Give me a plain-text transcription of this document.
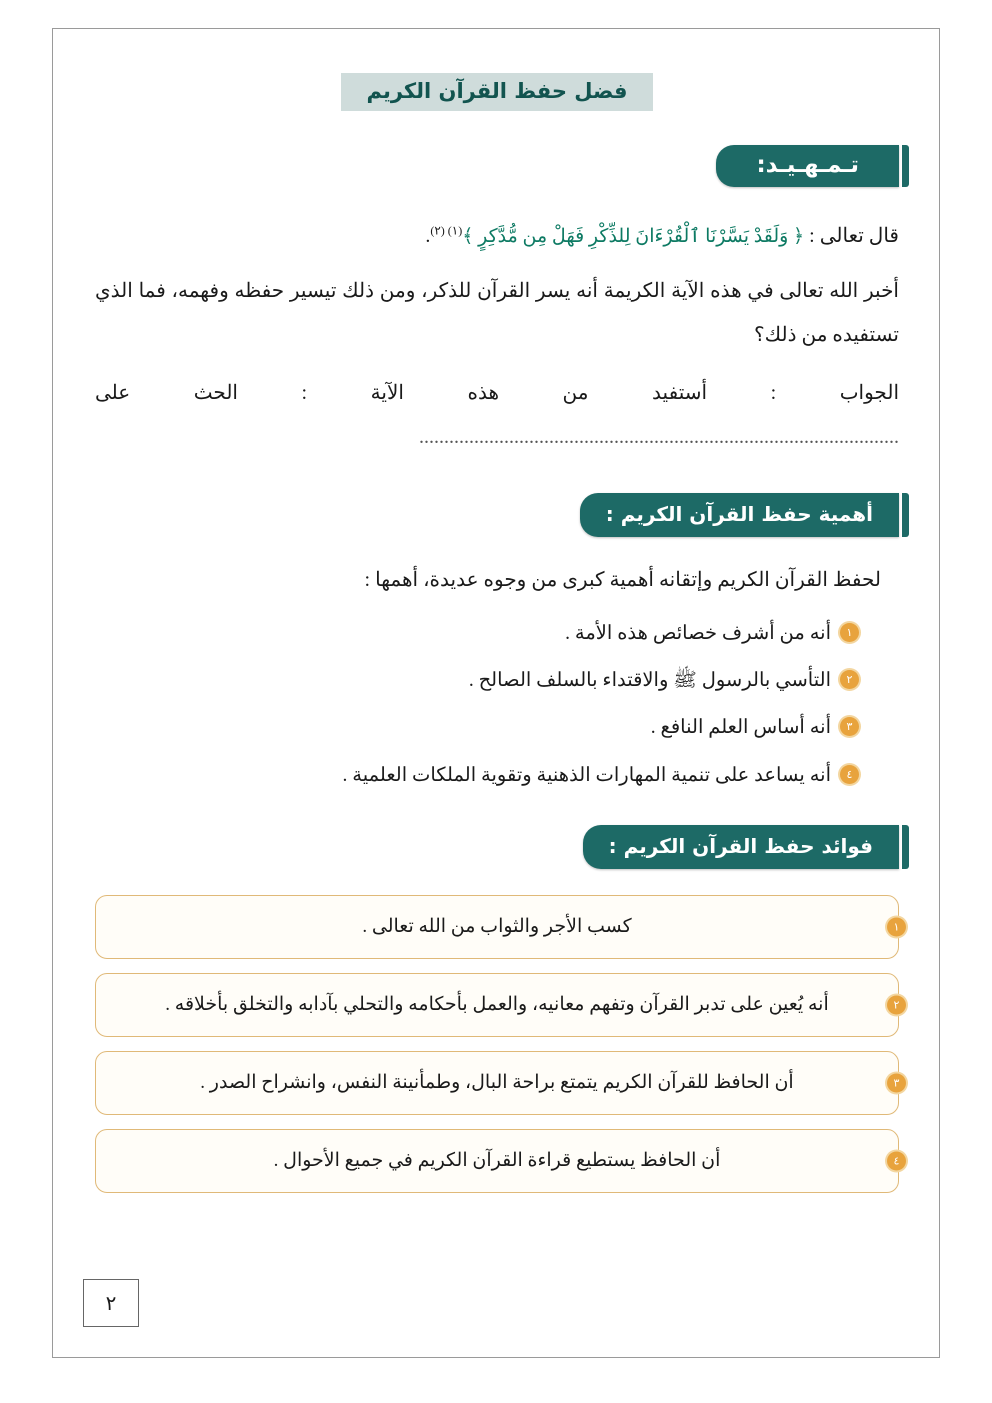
فضل حفظ القرآن الكريم
تـمـهـيـد:
قال تعالى : ﴿ وَلَقَدْ يَسَّرْنَا ٱلْقُرْءَانَ لِلذِّكْرِ فَهَلْ مِن مُّدَّكِرٍ ﴾$^{(١) (٢)}$.

أخبر الله تعالى في هذه الآية الكريمة أنه يسر القرآن للذكر، ومن ذلك تيسير حفظه وفهمه، فما الذي تستفيده من ذلك؟

الجواب : أستفيد من هذه الآية : الحث على ................................................................................................
أهمية حفظ القرآن الكريم :
لحفظ القرآن الكريم وإتقانه أهمية كبرى من وجوه عديدة، أهمها :
١
أنه من أشرف خصائص هذه الأمة .
٢
التأسي بالرسول ﷺ والاقتداء بالسلف الصالح .
٣
أنه أساس العلم النافع .
٤
أنه يساعد على تنمية المهارات الذهنية وتقوية الملكات العلمية .
فوائد حفظ القرآن الكريم :
١
كسب الأجر والثواب من الله تعالى .
٢
أنه يُعين على تدبر القرآن وتفهم معانيه، والعمل بأحكامه والتحلي بآدابه والتخلق بأخلاقه .
٣
أن الحافظ للقرآن الكريم يتمتع براحة البال، وطمأنينة النفس، وانشراح الصدر .
٤
أن الحافظ يستطيع قراءة القرآن الكريم في جميع الأحوال .
٢
